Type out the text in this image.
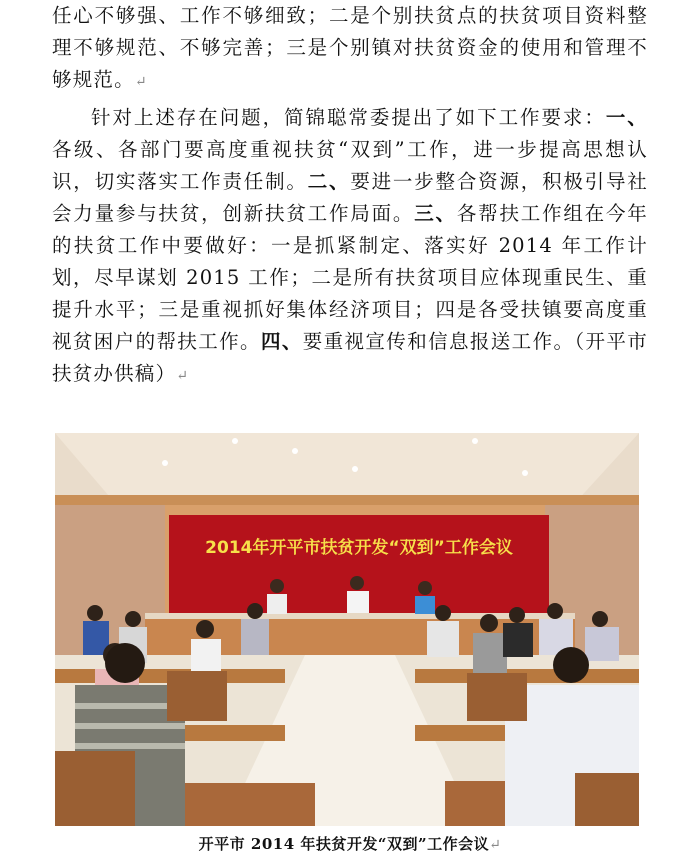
任心不够强、工作不够细致；二是个别扶贫点的扶贫项目资料整理不够规范、不够完善；三是个别镇对扶贫资金的使用和管理不够规范。↵

针对上述存在问题，简锦聪常委提出了如下工作要求：一、各级、各部门要高度重视扶贫“双到”工作，进一步提高思想认识，切实落实工作责任制。二、要进一步整合资源，积极引导社会力量参与扶贫，创新扶贫工作局面。三、各帮扶工作组在今年的扶贫工作中要做好：一是抓紧制定、落实好 2014 年工作计划，尽早谋划 2015 工作；二是所有扶贫项目应体现重民生、重提升水平；三是重视抓好集体经济项目；四是各受扶镇要高度重视贫困户的帮扶工作。四、要重视宣传和信息报送工作。（开平市扶贫办供稿）↵

2014年开平市扶贫开发“双到”工作会议
开平市 2014 年扶贫开发“双到”工作会议↵
